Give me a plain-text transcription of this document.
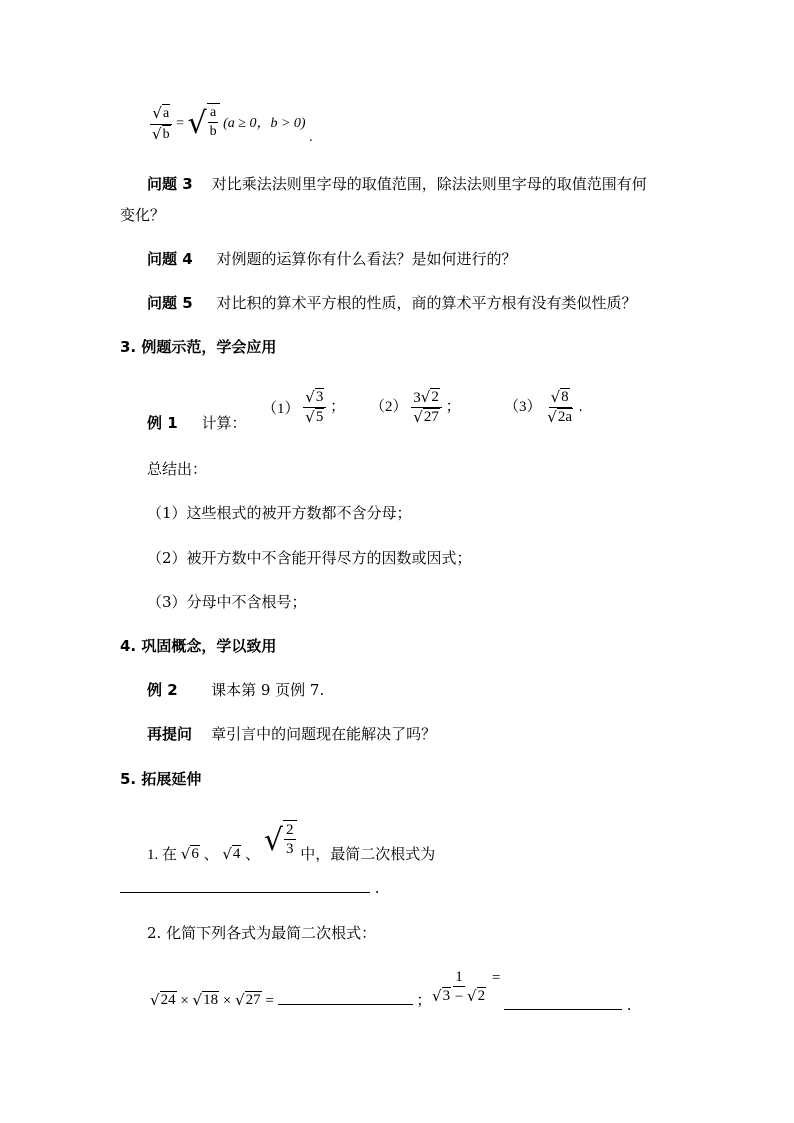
$\frac{√ a}{√ b}$ = √ $\frac{a}{b} (a \ge 0$，b > 0) .
问题 3 对比乘法法则里字母的取值范围，除法法则里字母的取值范围有何
变化？
问题 4 对例题的运算你有什么看法？是如何进行的？
问题 5 对比积的算术平方根的性质，商的算术平方根有没有类似性质？
3. 例题示范，学会应用
例 1 计算：
$(1) \frac{√ 3}{√ 5}$ ； $(2) \frac{3 √ 2}{√ 27}$ ；	$(3) \frac{√ 8}{√ 2a}$ .
总结出：
（1）这些根式的被开方数都不含分母；
（2）被开方数中不含能开得尽方的因数或因式；
（3）分母中不含根号；
4. 巩固概念，学以致用
例 2 课本第 9 页例 7.
再提问 章引言中的问题现在能解决了吗？
5. 拓展延伸
1. 在 √ 6 、 √ 4 、 √ $\frac{2}{3}$ 中，最简二次根式为
.
2. 化简下列各式为最简二次根式：
√ 24 × √ 18 × √ 27 =	；
$\frac{1}{√ 3 - √ 2}$ =
.
